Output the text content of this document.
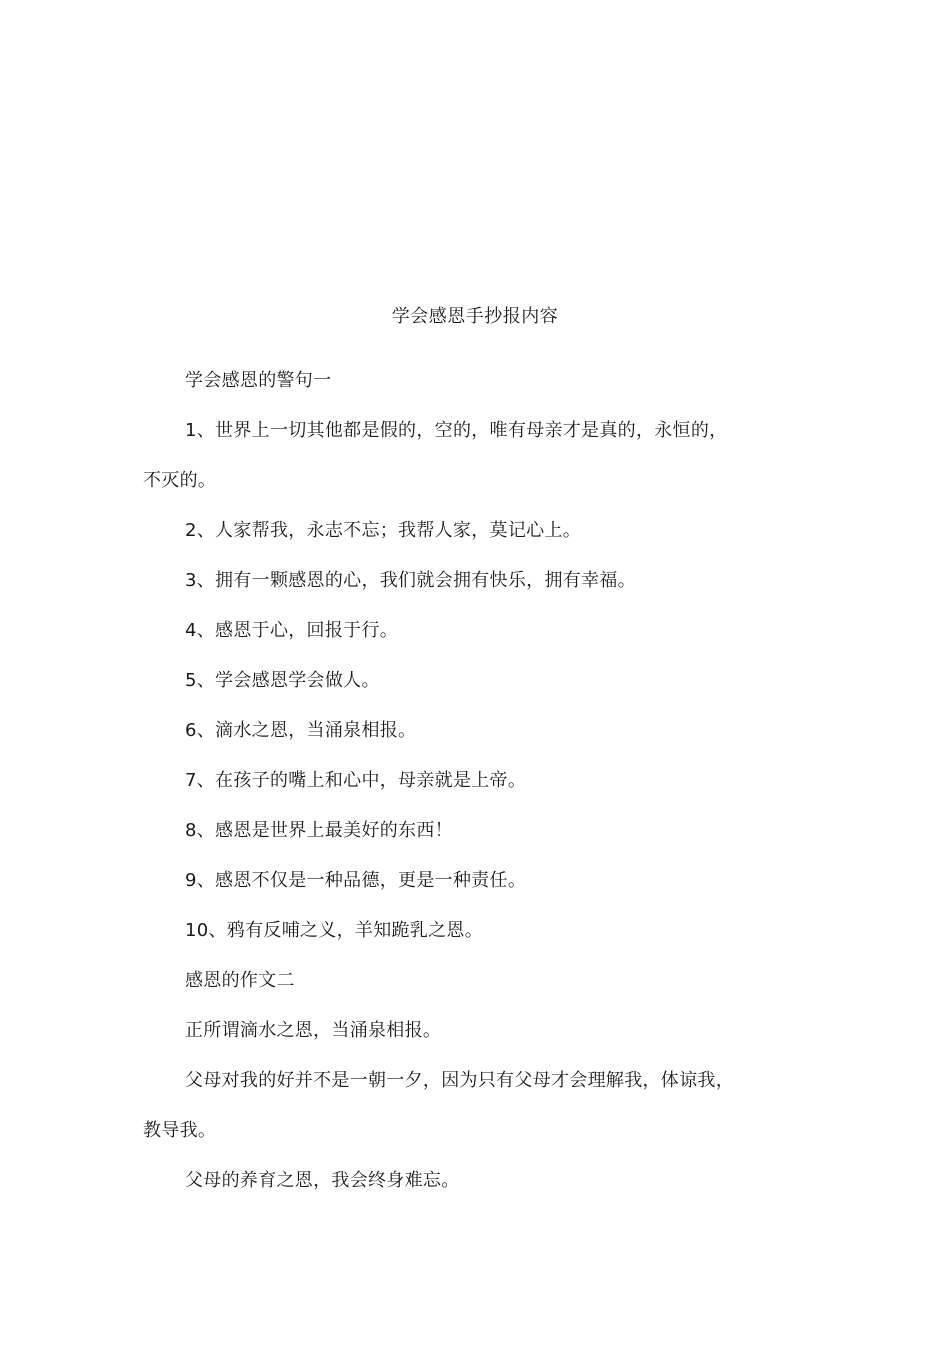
学会感恩手抄报内容
学会感恩的警句一
1、世界上一切其他都是假的，空的，唯有母亲才是真的，永恒的，
不灭的。
2、人家帮我，永志不忘；我帮人家，莫记心上。
3、拥有一颗感恩的心，我们就会拥有快乐，拥有幸福。
4、感恩于心，回报于行。
5、学会感恩学会做人。
6、滴水之恩，当涌泉相报。
7、在孩子的嘴上和心中，母亲就是上帝。
8、感恩是世界上最美好的东西！
9、感恩不仅是一种品德，更是一种责任。
10、鸦有反哺之义，羊知跪乳之恩。
感恩的作文二
正所谓滴水之恩，当涌泉相报。
父母对我的好并不是一朝一夕，因为只有父母才会理解我，体谅我，
教导我。
父母的养育之恩，我会终身难忘。
